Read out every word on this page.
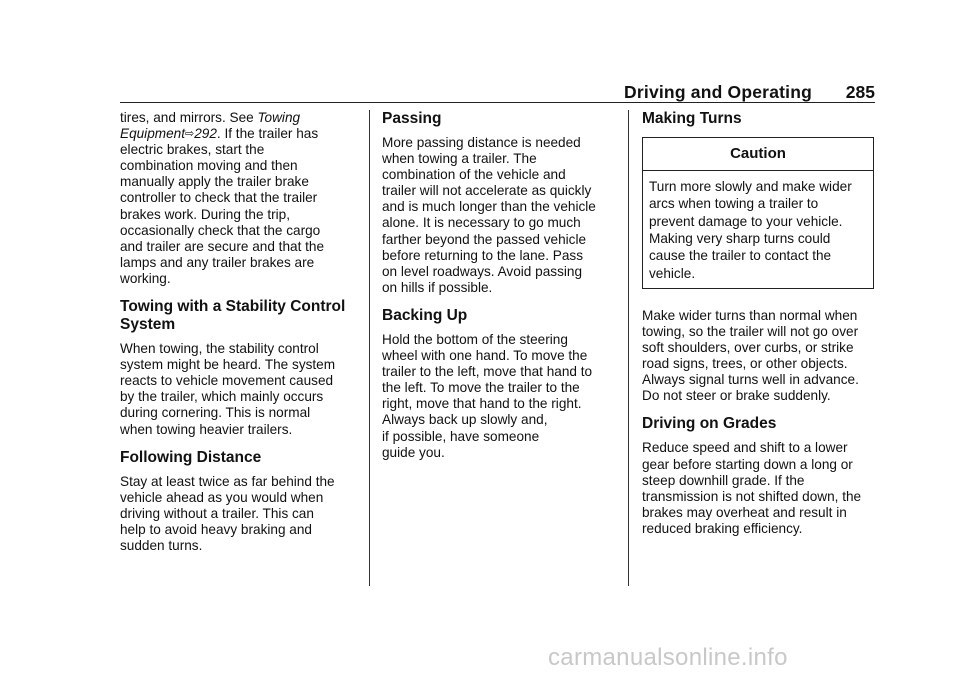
Driving and Operating 285

tires, and mirrors. See Towing
Equipment⇨292. If the trailer has
electric brakes, start the
combination moving and then
manually apply the trailer brake
controller to check that the trailer
brakes work. During the trip,
occasionally check that the cargo
and trailer are secure and that the
lamps and any trailer brakes are
working.

Towing with a Stability Control
System

When towing, the stability control
system might be heard. The system
reacts to vehicle movement caused
by the trailer, which mainly occurs
during cornering. This is normal
when towing heavier trailers.

Following Distance

Stay at least twice as far behind the
vehicle ahead as you would when
driving without a trailer. This can
help to avoid heavy braking and
sudden turns.

Passing

More passing distance is needed
when towing a trailer. The
combination of the vehicle and
trailer will not accelerate as quickly
and is much longer than the vehicle
alone. It is necessary to go much
farther beyond the passed vehicle
before returning to the lane. Pass
on level roadways. Avoid passing
on hills if possible.

Backing Up

Hold the bottom of the steering
wheel with one hand. To move the
trailer to the left, move that hand to
the left. To move the trailer to the
right, move that hand to the right.
Always back up slowly and,
if possible, have someone
guide you.

Making Turns
Caution
Turn more slowly and make wider
arcs when towing a trailer to
prevent damage to your vehicle.
Making very sharp turns could
cause the trailer to contact the
vehicle.

Make wider turns than normal when
towing, so the trailer will not go over
soft shoulders, over curbs, or strike
road signs, trees, or other objects.
Always signal turns well in advance.
Do not steer or brake suddenly.

Driving on Grades

Reduce speed and shift to a lower
gear before starting down a long or
steep downhill grade. If the
transmission is not shifted down, the
brakes may overheat and result in
reduced braking efficiency.

carmanualsonline.info
